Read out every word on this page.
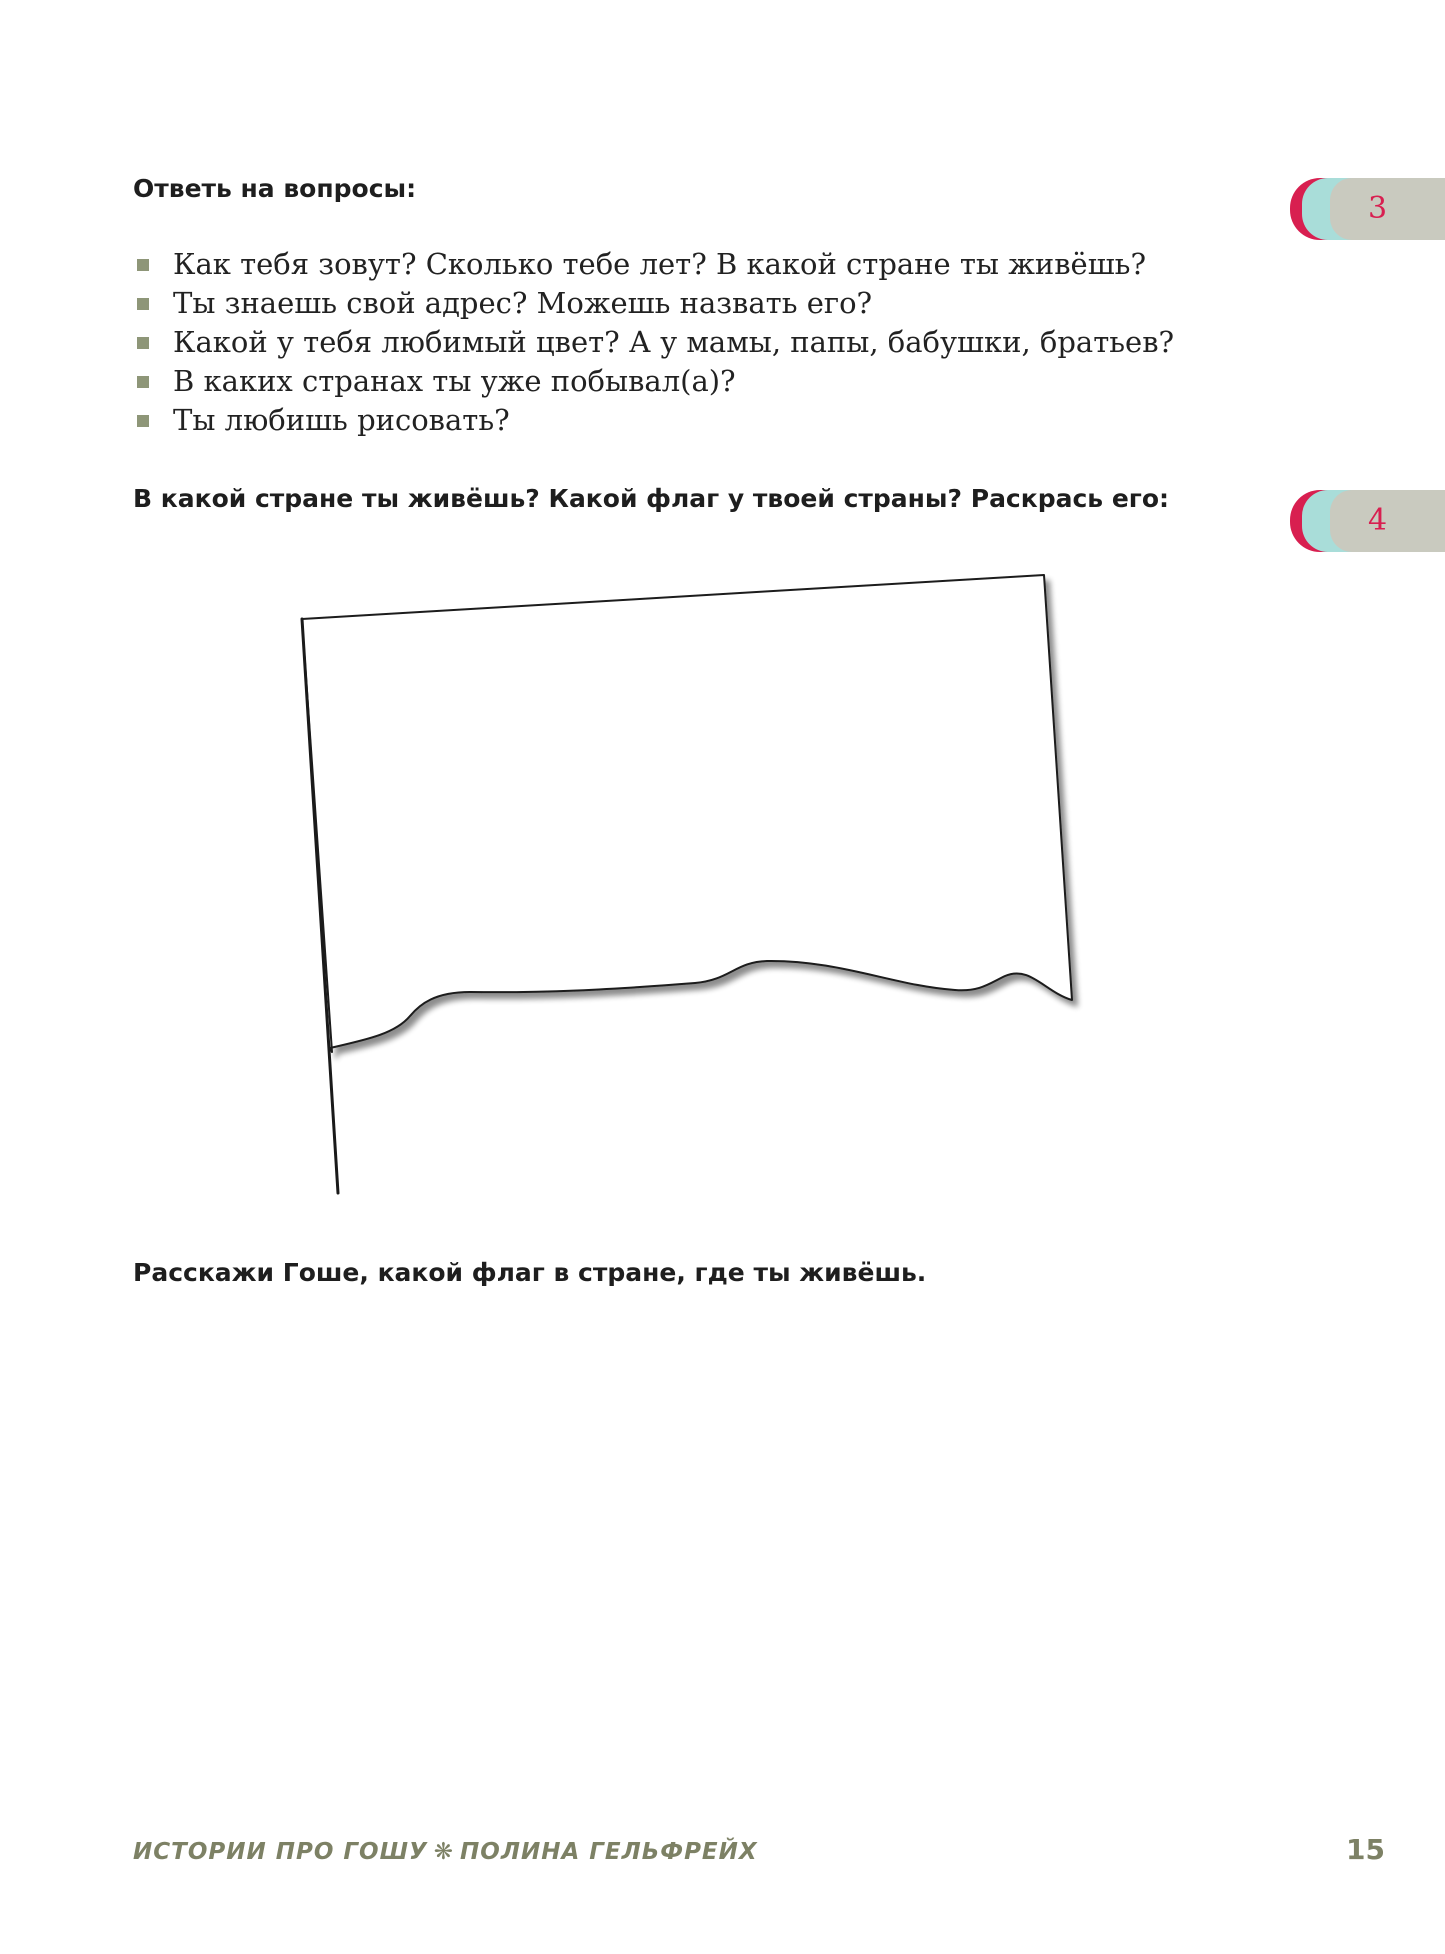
Ответь на вопросы:
Как тебя зовут? Сколько тебе лет? В какой стране ты живёшь?
Ты знаешь свой адрес? Можешь назвать его?
Какой у тебя любимый цвет? А у мамы, папы, бабушки, братьев?
В каких странах ты уже побывал(а)?
Ты любишь рисовать?
3
В какой стране ты живёшь? Какой флаг у твоей страны? Раскрась его:
4
Расскажи Гоше, какой флаг в стране, где ты живёшь.
ИСТОРИИ ПРО ГОШУ ❋ ПОЛИНА ГЕЛЬФРЕЙХ	15
